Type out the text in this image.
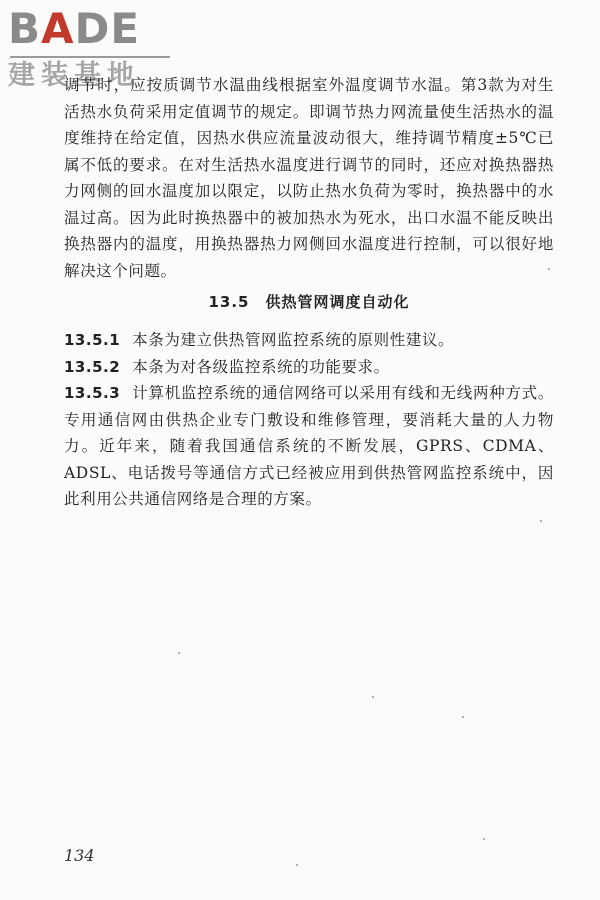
BADE
建装基地

调节时，应按质调节水温曲线根据室外温度调节水温。第3款为对生活热水负荷采用定值调节的规定。即调节热力网流量使生活热水的温度维持在给定值，因热水供应流量波动很大，维持调节精度±5℃已属不低的要求。在对生活热水温度进行调节的同时，还应对换热器热力网侧的回水温度加以限定，以防止热水负荷为零时，换热器中的水温过高。因为此时换热器中的被加热水为死水，出口水温不能反映出换热器内的温度，用换热器热力网侧回水温度进行控制，可以很好地解决这个问题。

13.5 供热管网调度自动化

13.5.1 本条为建立供热管网监控系统的原则性建议。

13.5.2 本条为对各级监控系统的功能要求。

13.5.3 计算机监控系统的通信网络可以采用有线和无线两种方式。专用通信网由供热企业专门敷设和维修管理，要消耗大量的人力物力。近年来，随着我国通信系统的不断发展，GPRS、CDMA、ADSL、电话拨号等通信方式已经被应用到供热管网监控系统中，因此利用公共通信网络是合理的方案。

134
